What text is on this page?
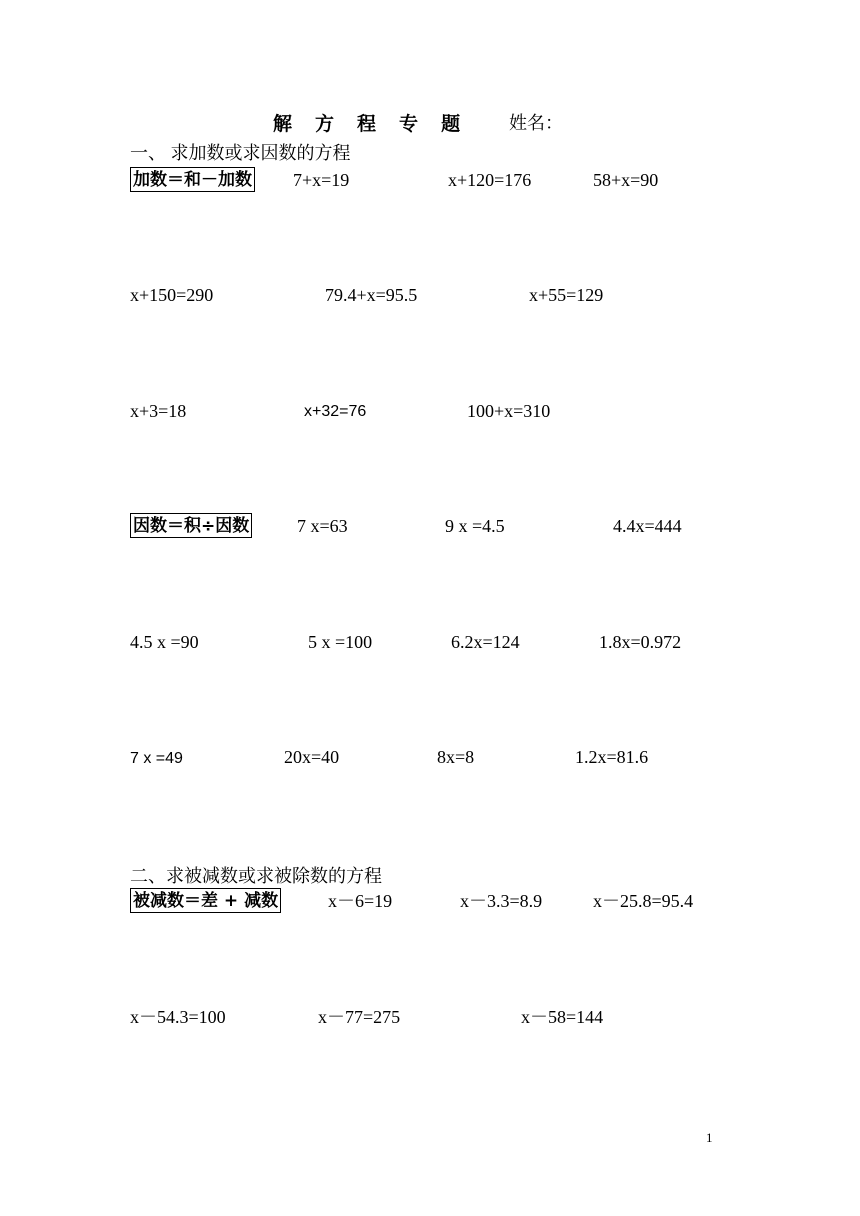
解 方 程 专 题	姓名：
一、 求加数或求因数的方程
加数＝和－加数 7+x=19	x+120=176	58+x=90
x+150=290	79.4+x=95.5	x+55=129
x+3=18	x+32=76	100+x=310
因数＝积÷因数	7 x=63	9 x =4.5	4.4x=444
4.5 x =90	5 x =100	6.2x=124	1.8x=0.972
7 x =49	20x=40	8x=8	1.2x=81.6
二、求被减数或求被除数的方程
被减数＝差 + 减数	x－6=19	x－3.3=8.9	x－25.8=95.4
x－54.3=100	x－77=275	x－58=144
1
